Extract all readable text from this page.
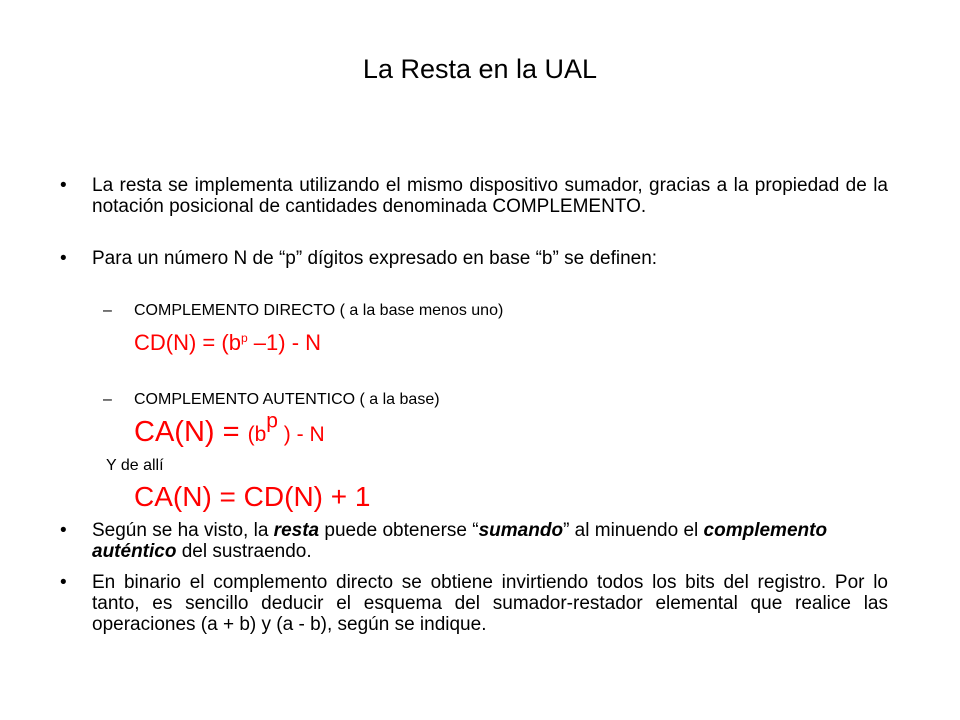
La Resta en la UAL
• La resta se implementa utilizando el mismo dispositivo sumador, gracias a la propiedad de la notación posicional de cantidades denominada COMPLEMENTO.
• Para un número N de “p” dígitos expresado en base “b” se definen:
– COMPLEMENTO DIRECTO ( a la base menos uno)
$CD(N) = (b^p$ –1) - N
– COMPLEMENTO AUTENTICO ( a la base)
$CA(N) = (b^p$ ) - N
Y de allí
CA(N) = CD(N) + 1
• Según se ha visto, la resta puede obtenerse “sumando” al minuendo el complemento auténtico del sustraendo.
• En binario el complemento directo se obtiene invirtiendo todos los bits del registro. Por lo tanto, es sencillo deducir el esquema del sumador-restador elemental que realice las operaciones (a + b) y (a - b), según se indique.
